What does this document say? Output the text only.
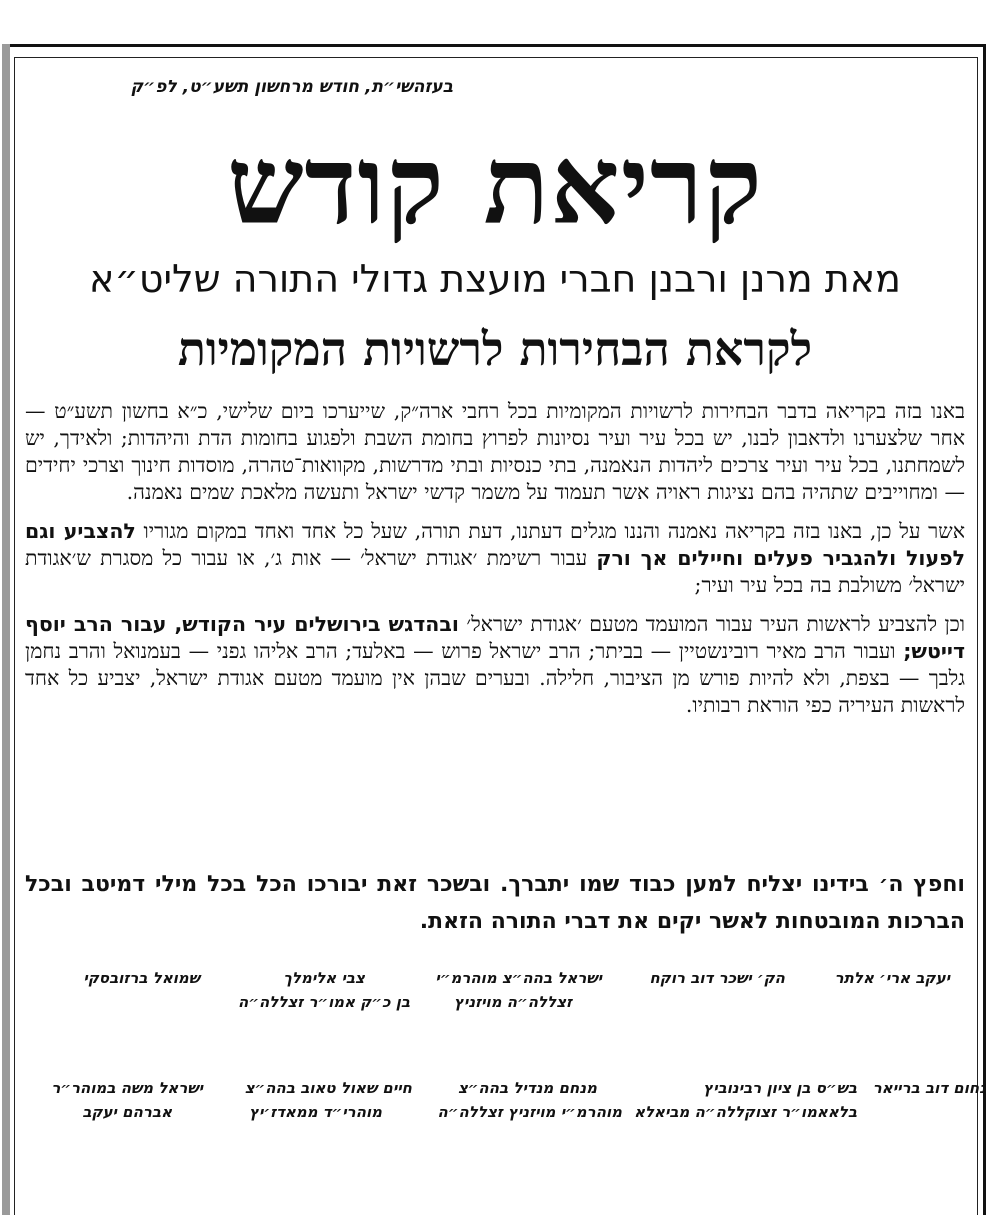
בעזהשי״ת, חודש מרחשון תשע״ט, לפ״ק
קריאת קודש
מאת מרנן ורבנן חברי מועצת גדולי התורה שליט״א
לקראת הבחירות לרשויות המקומיות

באנו בזה בקריאה בדבר הבחירות לרשויות המקומיות בכל רחבי ארה״ק, שייערכו ביום שלישי, כ״א בחשון תשע״ט — אחר שלצערנו ולדאבון לבנו, יש בכל עיר ועיר נסיונות לפרוץ בחומת השבת ולפגוע בחומות הדת והיהדות; ולאידך, יש לשמחתנו, בכל עיר ועיר צרכים ליהדות הנאמנה, בתי כנסיות ובתי מדרשות, מקוואות־טהרה, מוסדות חינוך וצרכי יחידים — ומחוייבים שתהיה בהם נציגות ראויה אשר תעמוד על משמר קדשי ישראל ותעשה מלאכת שמים נאמנה.

אשר על כן, באנו בזה בקריאה נאמנה והננו מגלים דעתנו, דעת תורה, שעל כל אחד ואחד במקום מגוריו להצביע וגם לפעול ולהגביר פעלים וחיילים אך ורק עבור רשימת ׳אגודת ישראל׳ — אות ג׳, או עבור כל מסגרת ש׳אגודת ישראל׳ משולבת בה בכל עיר ועיר;

וכן להצביע לראשות העיר עבור המועמד מטעם ׳אגודת ישראל׳ ובהדגש בירושלים עיר הקודש, עבור הרב יוסף דייטש; ועבור הרב מאיר רובינשטיין — בביתר; הרב ישראל פרוש — באלעד; הרב אליהו גפני — בעמנואל והרב נחמן גלבך — בצפת, ולא להיות פורש מן הציבור, חלילה. ובערים שבהן אין מועמד מטעם אגודת ישראל, יצביע כל אחד לראשות העיריה כפי הוראת רבותיו.

וחפץ ה׳ בידינו יצליח למען כבוד שמו יתברך. ובשכר זאת יבורכו הכל בכל מילי דמיטב ובכל הברכות המובטחות לאשר יקים את דברי התורה הזאת.
יעקב ארי׳ אלתר
הק׳ ישכר דוב רוקח
ישראל בהה״צ מוהרמ״י
זצללה״ה מויזניץ
צבי אלימלך
בן כ״ק אמו״ר זצללה״ה
שמואל ברזובסקי
נחום דוב ברייאר
בש״ס בן ציון רבינוביץ
בלאאמו״ר זצוקללה״ה מביאלא
מנחם מנדיל בהה״צ
מוהרמ״י מויזניץ זצללה״ה
חיים שאול טאוב בהה״צ
מוהרי״ד ממאדז׳יץ
ישראל משה במוהר״ר
אברהם יעקב
